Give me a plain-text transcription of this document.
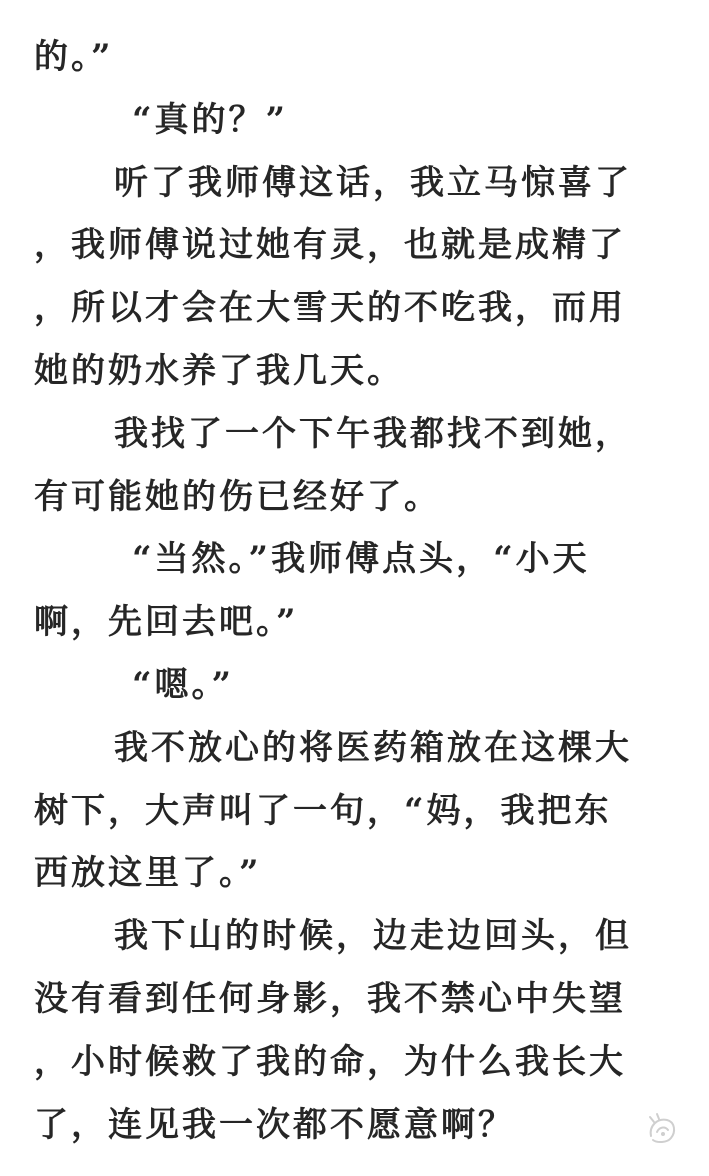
的。”
“真的？”
听了我师傅这话，我立马惊喜了
，我师傅说过她有灵，也就是成精了
，所以才会在大雪天的不吃我，而用
她的奶水养了我几天。
我找了一个下午我都找不到她，
有可能她的伤已经好了。
“当然。”我师傅点头，“小天
啊，先回去吧。”
“嗯。”
我不放心的将医药箱放在这棵大
树下，大声叫了一句，“妈，我把东
西放这里了。”
我下山的时候，边走边回头，但
没有看到任何身影，我不禁心中失望
，小时候救了我的命，为什么我长大
了，连见我一次都不愿意啊？
